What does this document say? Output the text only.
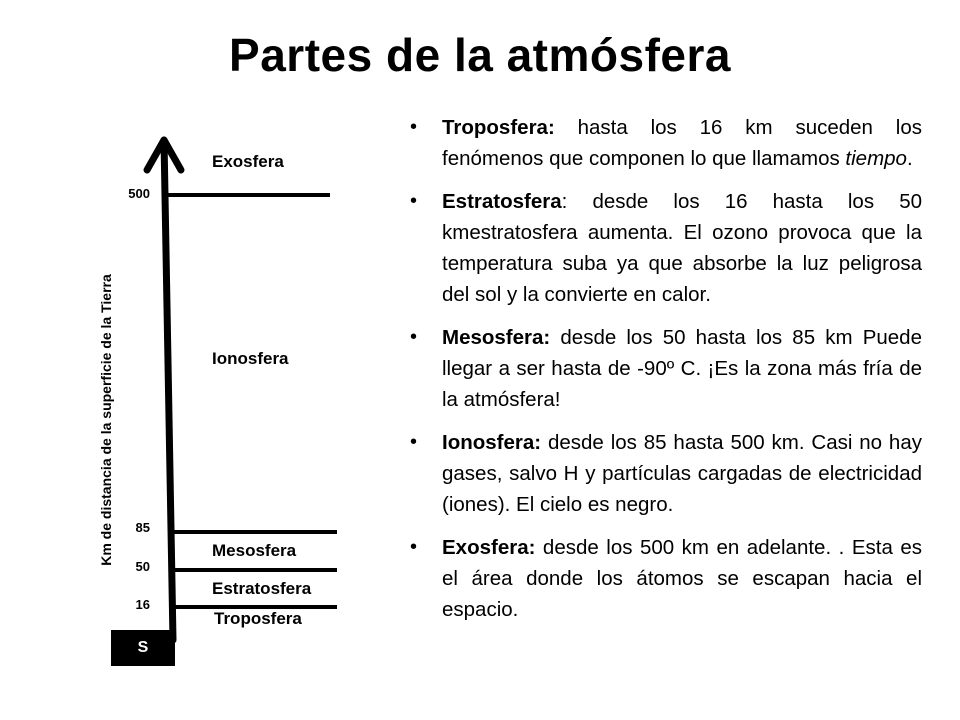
Partes de la atmósfera
Km de distancia de la superficie de la Tierra
500
85
50
16
Exosfera
Ionosfera
Mesosfera
Estratosfera
Troposfera
S
• Troposfera: hasta los 16 km suceden los fenómenos que componen lo que llamamos tiempo.
• Estratosfera: desde los 16 hasta los 50 kmestratosfera aumenta. El ozono provoca que la temperatura suba ya que absorbe la luz peligrosa del sol y la convierte en calor.
• Mesosfera: desde los 50 hasta los 85 km Puede llegar a ser hasta de -90º C. ¡Es la zona más fría de la atmósfera!
• Ionosfera: desde los 85 hasta 500 km. Casi no hay gases, salvo H y partículas cargadas de electricidad (iones). El cielo es negro.
• Exosfera: desde los 500 km en adelante. . Esta es el área donde los átomos se escapan hacia el espacio.
